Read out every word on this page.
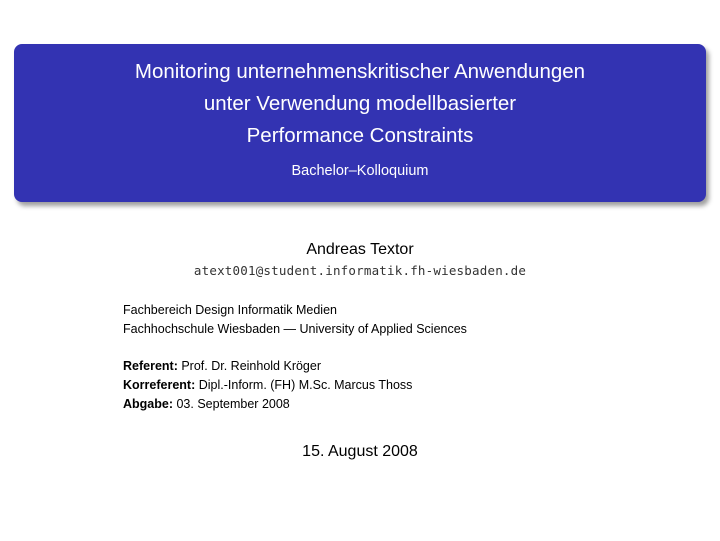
Monitoring unternehmenskritischer Anwendungen
unter Verwendung modellbasierter
Performance Constraints
Bachelor–Kolloquium
Andreas Textor
atext001@student.informatik.fh-wiesbaden.de
Fachbereich Design Informatik Medien
Fachhochschule Wiesbaden — University of Applied Sciences
Referent: Prof. Dr. Reinhold Kröger
Korreferent: Dipl.-Inform. (FH) M.Sc. Marcus Thoss
Abgabe: 03. September 2008
15. August 2008
